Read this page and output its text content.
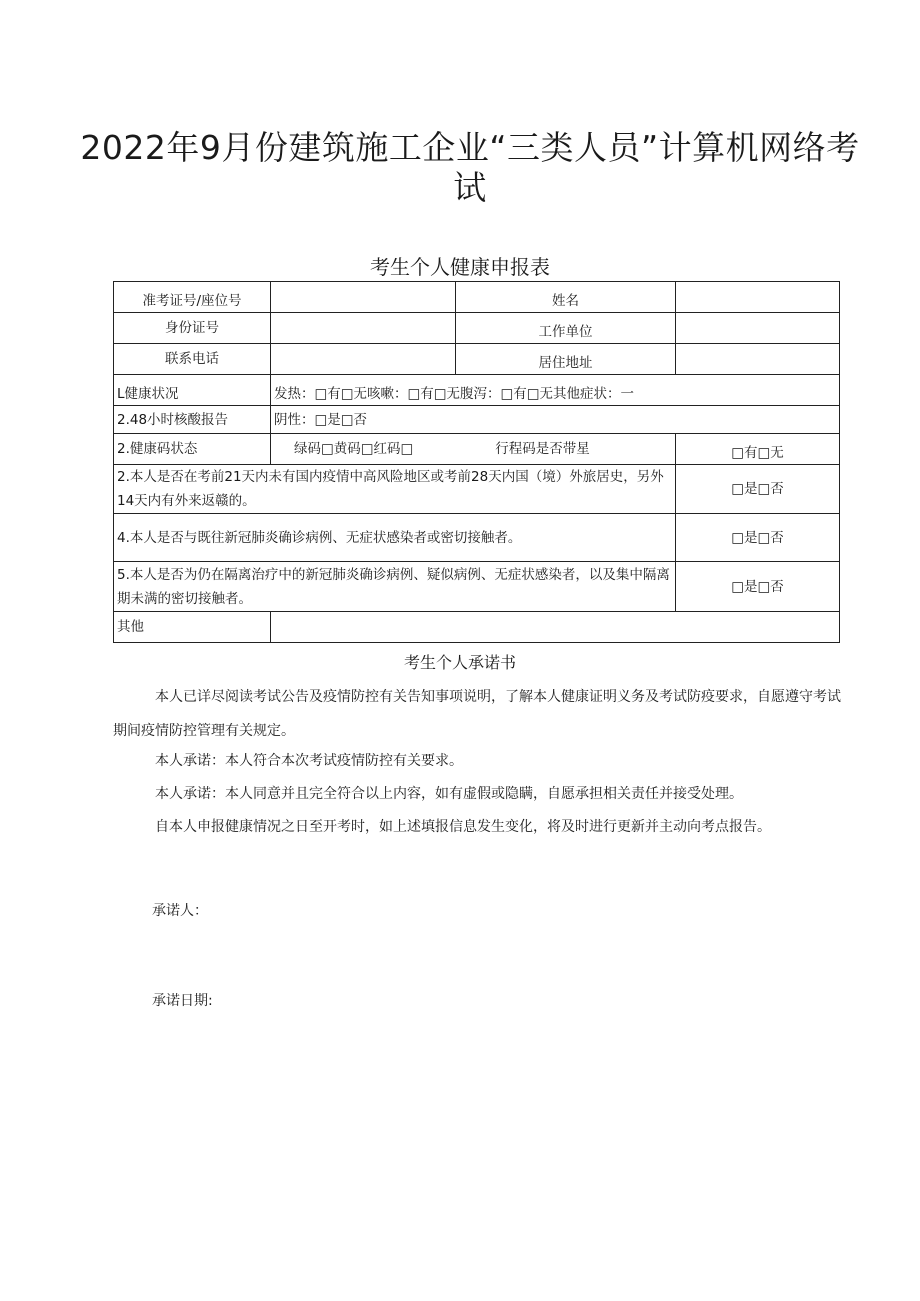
2022年9月份建筑施工企业“三类人员”计算机网络考试
考生个人健康申报表
准考证号/座位号		姓名	
身份证号		工作单位	
联系电话		居住地址	
L健康状况	发热：□有□无咳嗽：□有□无腹泻：□有□无其他症状：一		
2.48小时核酸报告	阴性：□是□否		
2.健康码状态	绿码□黄码□红码□ 行程码是否带星		□有□无
2.本人是否在考前21天内未有国内疫情中高风险地区或考前28天内国（境）外旅居史，另外14天内有外来返赣的。			□是□否
4.本人是否与既往新冠肺炎确诊病例、无症状感染者或密切接触者。			□是□否
5.本人是否为仍在隔离治疗中的新冠肺炎确诊病例、疑似病例、无症状感染者，以及集中隔离期未满的密切接触者。			□是□否
其他			
考生个人承诺书
本人已详尽阅读考试公告及疫情防控有关告知事项说明，了解本人健康证明义务及考试防疫要求，自愿遵守考试期间疫情防控管理有关规定。
本人承诺：本人符合本次考试疫情防控有关要求。
本人承诺：本人同意并且完全符合以上内容，如有虚假或隐瞒，自愿承担相关责任并接受处理。
自本人申报健康情况之日至开考时，如上述填报信息发生变化，将及时进行更新并主动向考点报告。
承诺人：
承诺日期:
